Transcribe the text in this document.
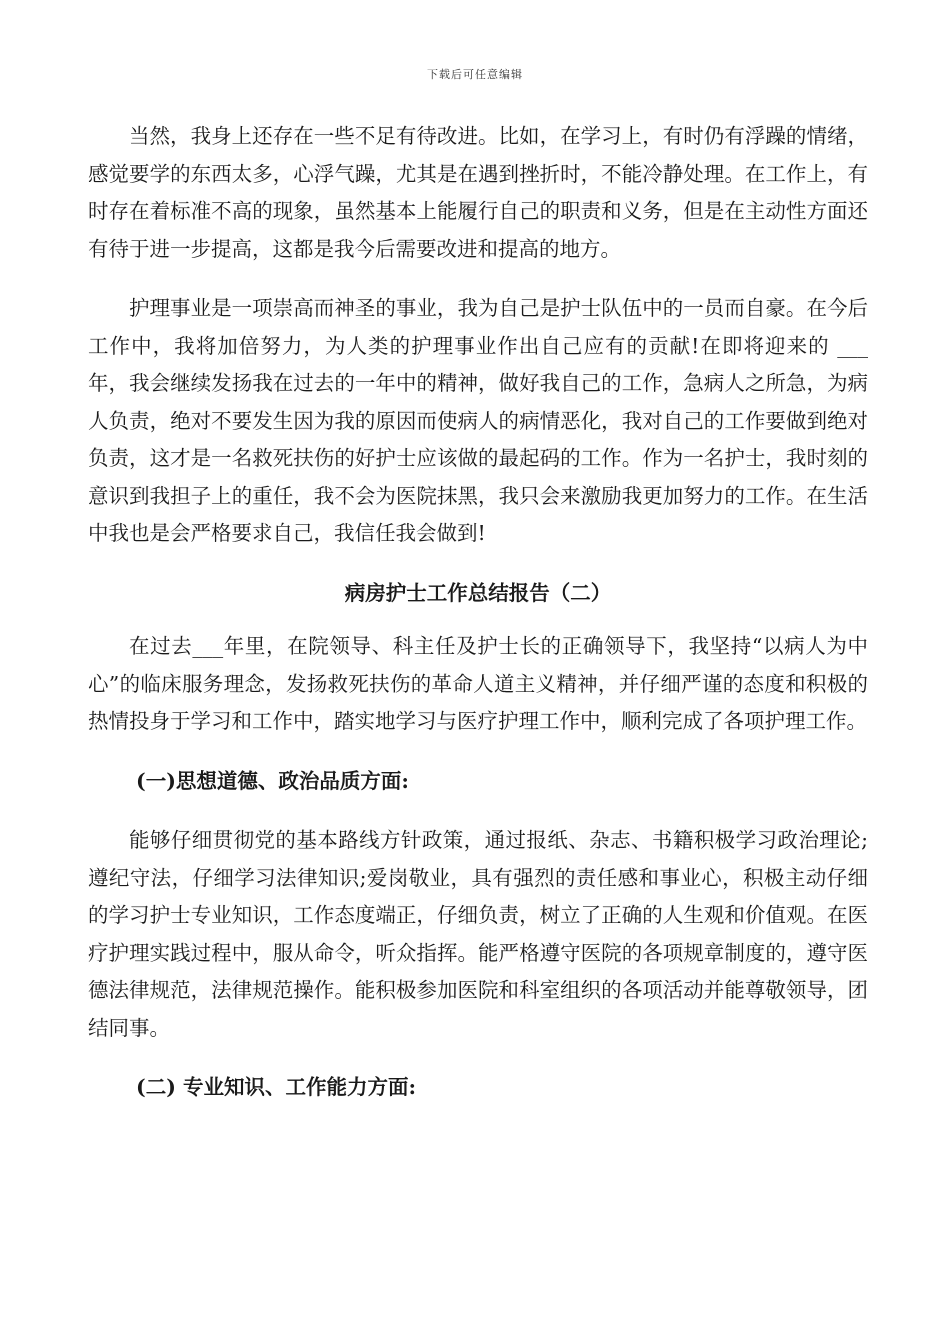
下载后可任意编辑

当然，我身上还存在一些不足有待改进。比如，在学习上，有时仍有浮躁的情绪，感觉要学的东西太多，心浮气躁，尤其是在遇到挫折时，不能冷静处理。在工作上，有时存在着标准不高的现象，虽然基本上能履行自己的职责和义务，但是在主动性方面还有待于进一步提高，这都是我今后需要改进和提高的地方。

护理事业是一项崇高而神圣的事业，我为自己是护士队伍中的一员而自豪。在今后工作中，我将加倍努力，为人类的护理事业作出自己应有的贡献!在即将迎来的 ___年，我会继续发扬我在过去的一年中的精神，做好我自己的工作，急病人之所急，为病人负责，绝对不要发生因为我的原因而使病人的病情恶化，我对自己的工作要做到绝对负责，这才是一名救死扶伤的好护士应该做的最起码的工作。作为一名护士，我时刻的意识到我担子上的重任，我不会为医院抹黑，我只会来激励我更加努力的工作。在生活中我也是会严格要求自己，我信任我会做到!

病房护士工作总结报告（二）

在过去___年里，在院领导、科主任及护士长的正确领导下，我坚持“以病人为中心”的临床服务理念，发扬救死扶伤的革命人道主义精神，并仔细严谨的态度和积极的热情投身于学习和工作中，踏实地学习与医疗护理工作中，顺利完成了各项护理工作。

(一)思想道德、政治品质方面:

能够仔细贯彻党的基本路线方针政策，通过报纸、杂志、书籍积极学习政治理论;遵纪守法，仔细学习法律知识;爱岗敬业，具有强烈的责任感和事业心，积极主动仔细的学习护士专业知识，工作态度端正，仔细负责，树立了正确的人生观和价值观。在医疗护理实践过程中，服从命令，听众指挥。能严格遵守医院的各项规章制度的，遵守医德法律规范，法律规范操作。能积极参加医院和科室组织的各项活动并能尊敬领导，团结同事。

(二) 专业知识、工作能力方面:
